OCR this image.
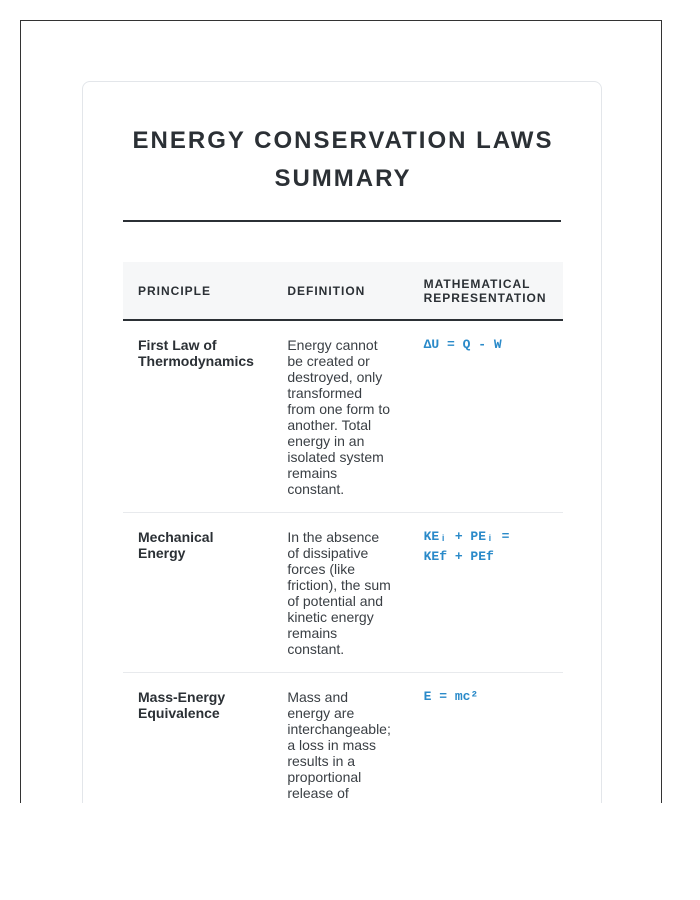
ENERGY CONSERVATION LAWS SUMMARY
PRINCIPLE	DEFINITION	MATHEMATICAL REPRESENTATION
First Law of Thermodynamics	Energy cannot be created or destroyed, only transformed from one form to another. Total energy in an isolated system remains constant.	ΔU = Q - W

Mechanical Energy	In the absence of dissipative forces (like friction), the sum of potential and kinetic energy remains constant.	KEᵢ + PEᵢ =
KEf + PEf

Mass-Energy Equivalence	Mass and energy are interchangeable; a loss in mass results in a proportional release of	E = mc²
